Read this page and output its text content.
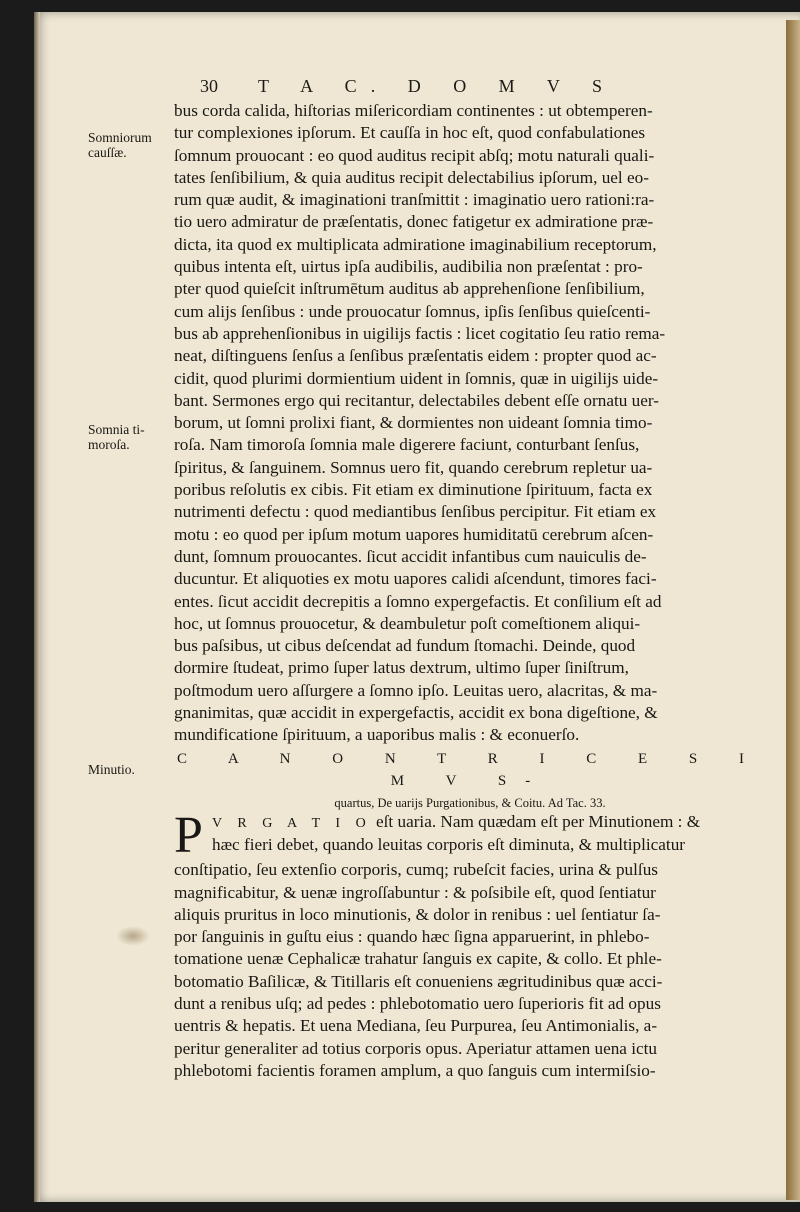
30 T A C. D O M V S
Somniorum cauſſæ.
Somnia ti-moroſa.
Minutio.
bus corda calida, hiſtorias miſericordiam continentes : ut obtemperen-
tur complexiones ipſorum. Et cauſſa in hoc eſt, quod confabulationes
ſomnum prouocant : eo quod auditus recipit abſq; motu naturali quali-
tates ſenſibilium, & quia auditus recipit delectabilius ipſorum, uel eo-
rum quæ audit, & imaginationi tranſmittit : imaginatio uero rationi:ra-
tio uero admiratur de præſentatis, donec fatigetur ex admiratione præ-
dicta, ita quod ex multiplicata admiratione imaginabilium receptorum,
quibus intenta eſt, uirtus ipſa audibilis, audibilia non præſentat : pro-
pter quod quieſcit inſtrumētum auditus ab apprehenſione ſenſibilium,
cum alijs ſenſibus : unde prouocatur ſomnus, ipſis ſenſibus quieſcenti-
bus ab apprehenſionibus in uigilijs factis : licet cogitatio ſeu ratio rema-
neat, diſtinguens ſenſus a ſenſibus præſentatis eidem : propter quod ac-
cidit, quod plurimi dormientium uident in ſomnis, quæ in uigilijs uide-
bant. Sermones ergo qui recitantur, delectabiles debent eſſe ornatu uer-
borum, ut ſomni prolixi fiant, & dormientes non uideant ſomnia timo-
roſa. Nam timoroſa ſomnia male digerere faciunt, conturbant ſenſus,
ſpiritus, & ſanguinem. Somnus uero fit, quando cerebrum repletur ua-
poribus reſolutis ex cibis. Fit etiam ex diminutione ſpirituum, facta ex
nutrimenti defectu : quod mediantibus ſenſibus percipitur. Fit etiam ex
motu : eo quod per ipſum motum uapores humiditatū cerebrum aſcen-
dunt, ſomnum prouocantes. ſicut accidit infantibus cum nauiculis de-
ducuntur. Et aliquoties ex motu uapores calidi aſcendunt, timores faci-
entes. ſicut accidit decrepitis a ſomno expergefactis. Et conſilium eſt ad
hoc, ut ſomnus prouocetur, & deambuletur poſt comeſtionem aliqui-
bus paſsibus, ut cibus deſcendat ad fundum ſtomachi. Deinde, quod
dormire ſtudeat, primo ſuper latus dextrum, ultimo ſuper ſiniſtrum,
poſtmodum uero aſſurgere a ſomno ipſo. Leuitas uero, alacritas, & ma-
gnanimitas, quæ accidit in expergefactis, accidit ex bona digeſtione, &
mundificatione ſpirituum, a uaporibus malis : & econuerſo.
C A N O N T R I C E S I M V S-
quartus, De uarijs Purgationibus, & Coitu. Ad Tac. 33.
P V R G A T I O eſt uaria. Nam quædam eſt per Minutionem : &
hæc fieri debet, quando leuitas corporis eſt diminuta, & multiplicatur
conſtipatio, ſeu extenſio corporis, cumq; rubeſcit facies, urina & pulſus
magnificabitur, & uenæ ingroſſabuntur : & poſsibile eſt, quod ſentiatur
aliquis pruritus in loco minutionis, & dolor in renibus : uel ſentiatur ſa-
por ſanguinis in guſtu eius : quando hæc ſigna apparuerint, in phlebo-
tomatione uenæ Cephalicæ trahatur ſanguis ex capite, & collo. Et phle-
botomatio Baſilicæ, & Titillaris eſt conueniens ægritudinibus quæ acci-
dunt a renibus uſq; ad pedes : phlebotomatio uero ſuperioris fit ad opus
uentris & hepatis. Et uena Mediana, ſeu Purpurea, ſeu Antimonialis, a-
peritur generaliter ad totius corporis opus. Aperiatur attamen uena ictu
phlebotomi facientis foramen amplum, a quo ſanguis cum intermiſsio-
